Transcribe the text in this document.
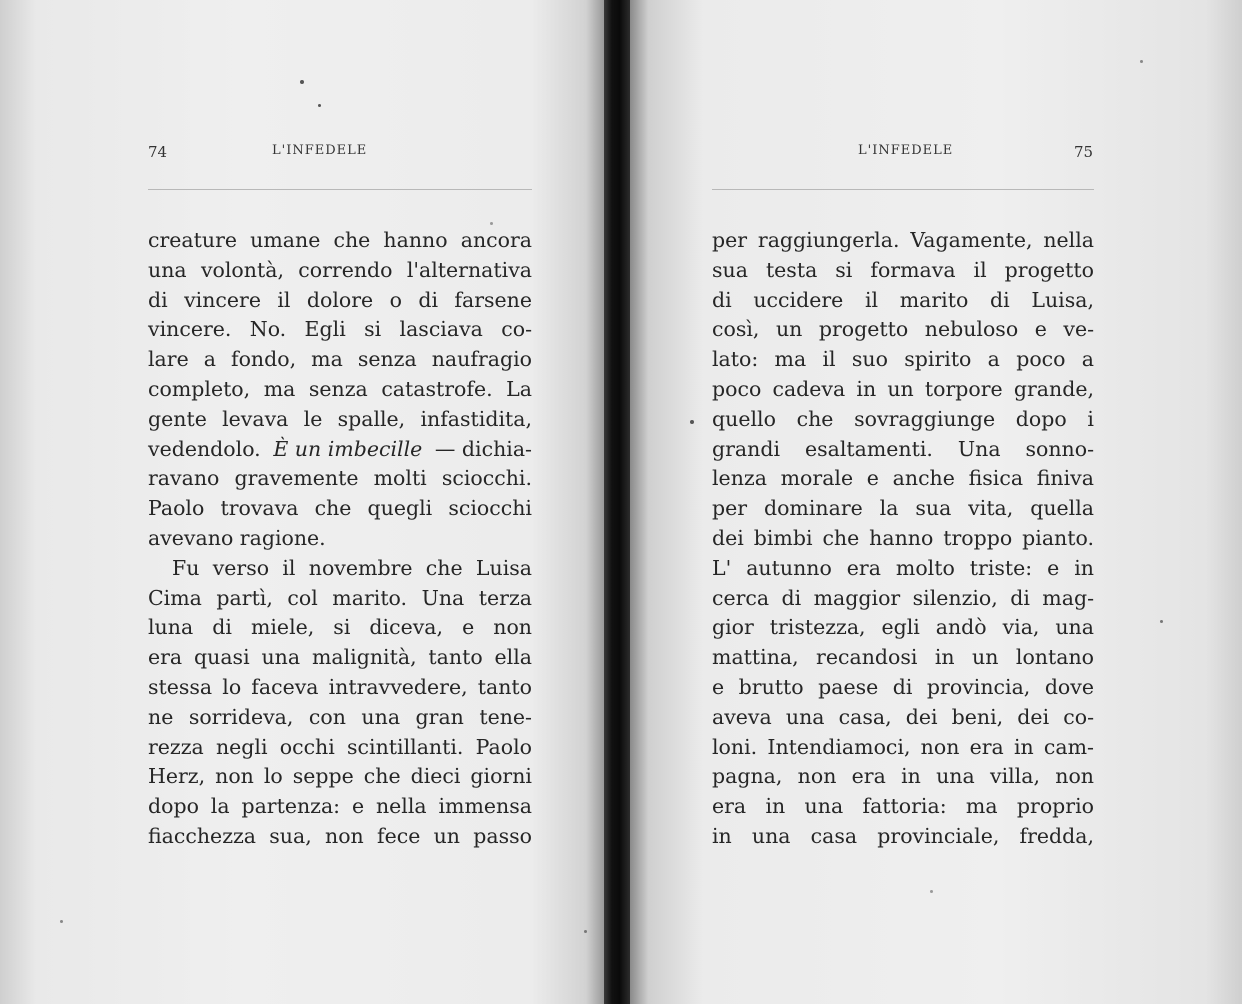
74	L'INFEDELE
creature umane che hanno ancora
una volontà, correndo l'alternativa
di vincere il dolore o di farsene
vincere. No. Egli si lasciava co-
lare a fondo, ma senza naufragio
completo, ma senza catastrofe. La
gente levava le spalle, infastidita,
vedendolo. È un imbecille — dichia-
ravano gravemente molti sciocchi.
Paolo trovava che quegli sciocchi
avevano ragione.
Fu verso il novembre che Luisa
Cima partì, col marito. Una terza
luna di miele, si diceva, e non
era quasi una malignità, tanto ella
stessa lo faceva intravvedere, tanto
ne sorrideva, con una gran tene-
rezza negli occhi scintillanti. Paolo
Herz, non lo seppe che dieci giorni
dopo la partenza: e nella immensa
fiacchezza sua, non fece un passo
L'INFEDELE	75
per raggiungerla. Vagamente, nella
sua testa si formava il progetto
di uccidere il marito di Luisa,
così, un progetto nebuloso e ve-
lato: ma il suo spirito a poco a
poco cadeva in un torpore grande,
quello che sovraggiunge dopo i
grandi esaltamenti. Una sonno-
lenza morale e anche fisica finiva
per dominare la sua vita, quella
dei bimbi che hanno troppo pianto.
L' autunno era molto triste: e in
cerca di maggior silenzio, di mag-
gior tristezza, egli andò via, una
mattina, recandosi in un lontano
e brutto paese di provincia, dove
aveva una casa, dei beni, dei co-
loni. Intendiamoci, non era in cam-
pagna, non era in una villa, non
era in una fattoria: ma proprio
in una casa provinciale, fredda,
